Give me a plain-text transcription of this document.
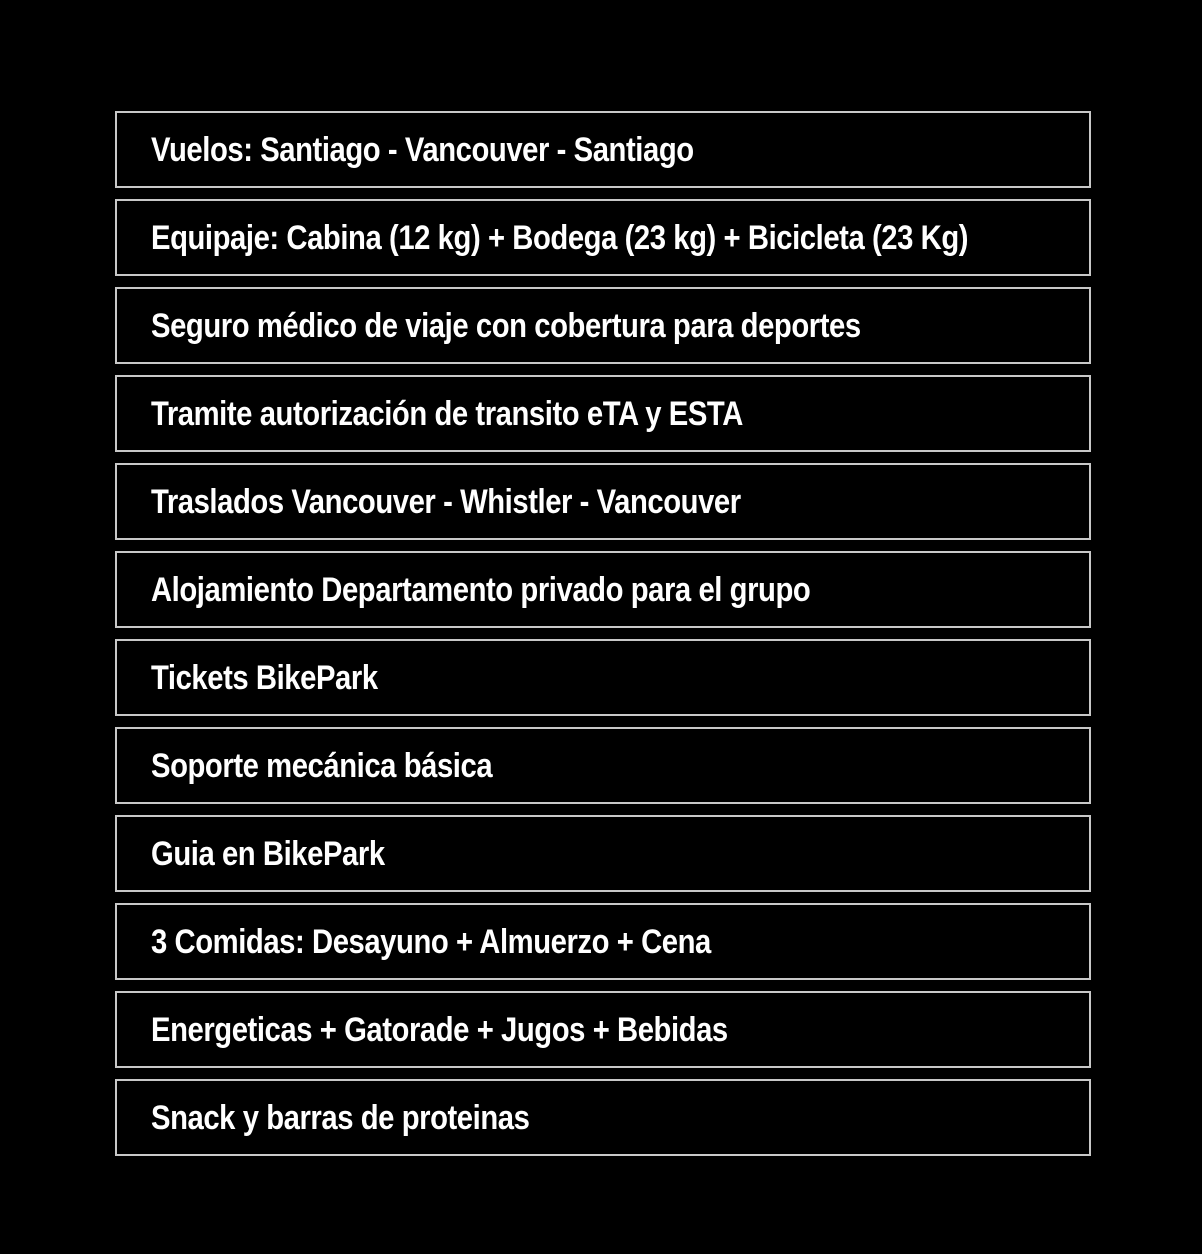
Vuelos: Santiago - Vancouver - Santiago
Equipaje: Cabina (12 kg) + Bodega (23 kg) + Bicicleta (23 Kg)
Seguro médico de viaje con cobertura para deportes
Tramite autorización de transito eTA y ESTA
Traslados Vancouver - Whistler - Vancouver
Alojamiento Departamento privado para el grupo
Tickets BikePark
Soporte mecánica básica
Guia en BikePark
3 Comidas: Desayuno + Almuerzo + Cena
Energeticas + Gatorade + Jugos + Bebidas
Snack y barras de proteinas
